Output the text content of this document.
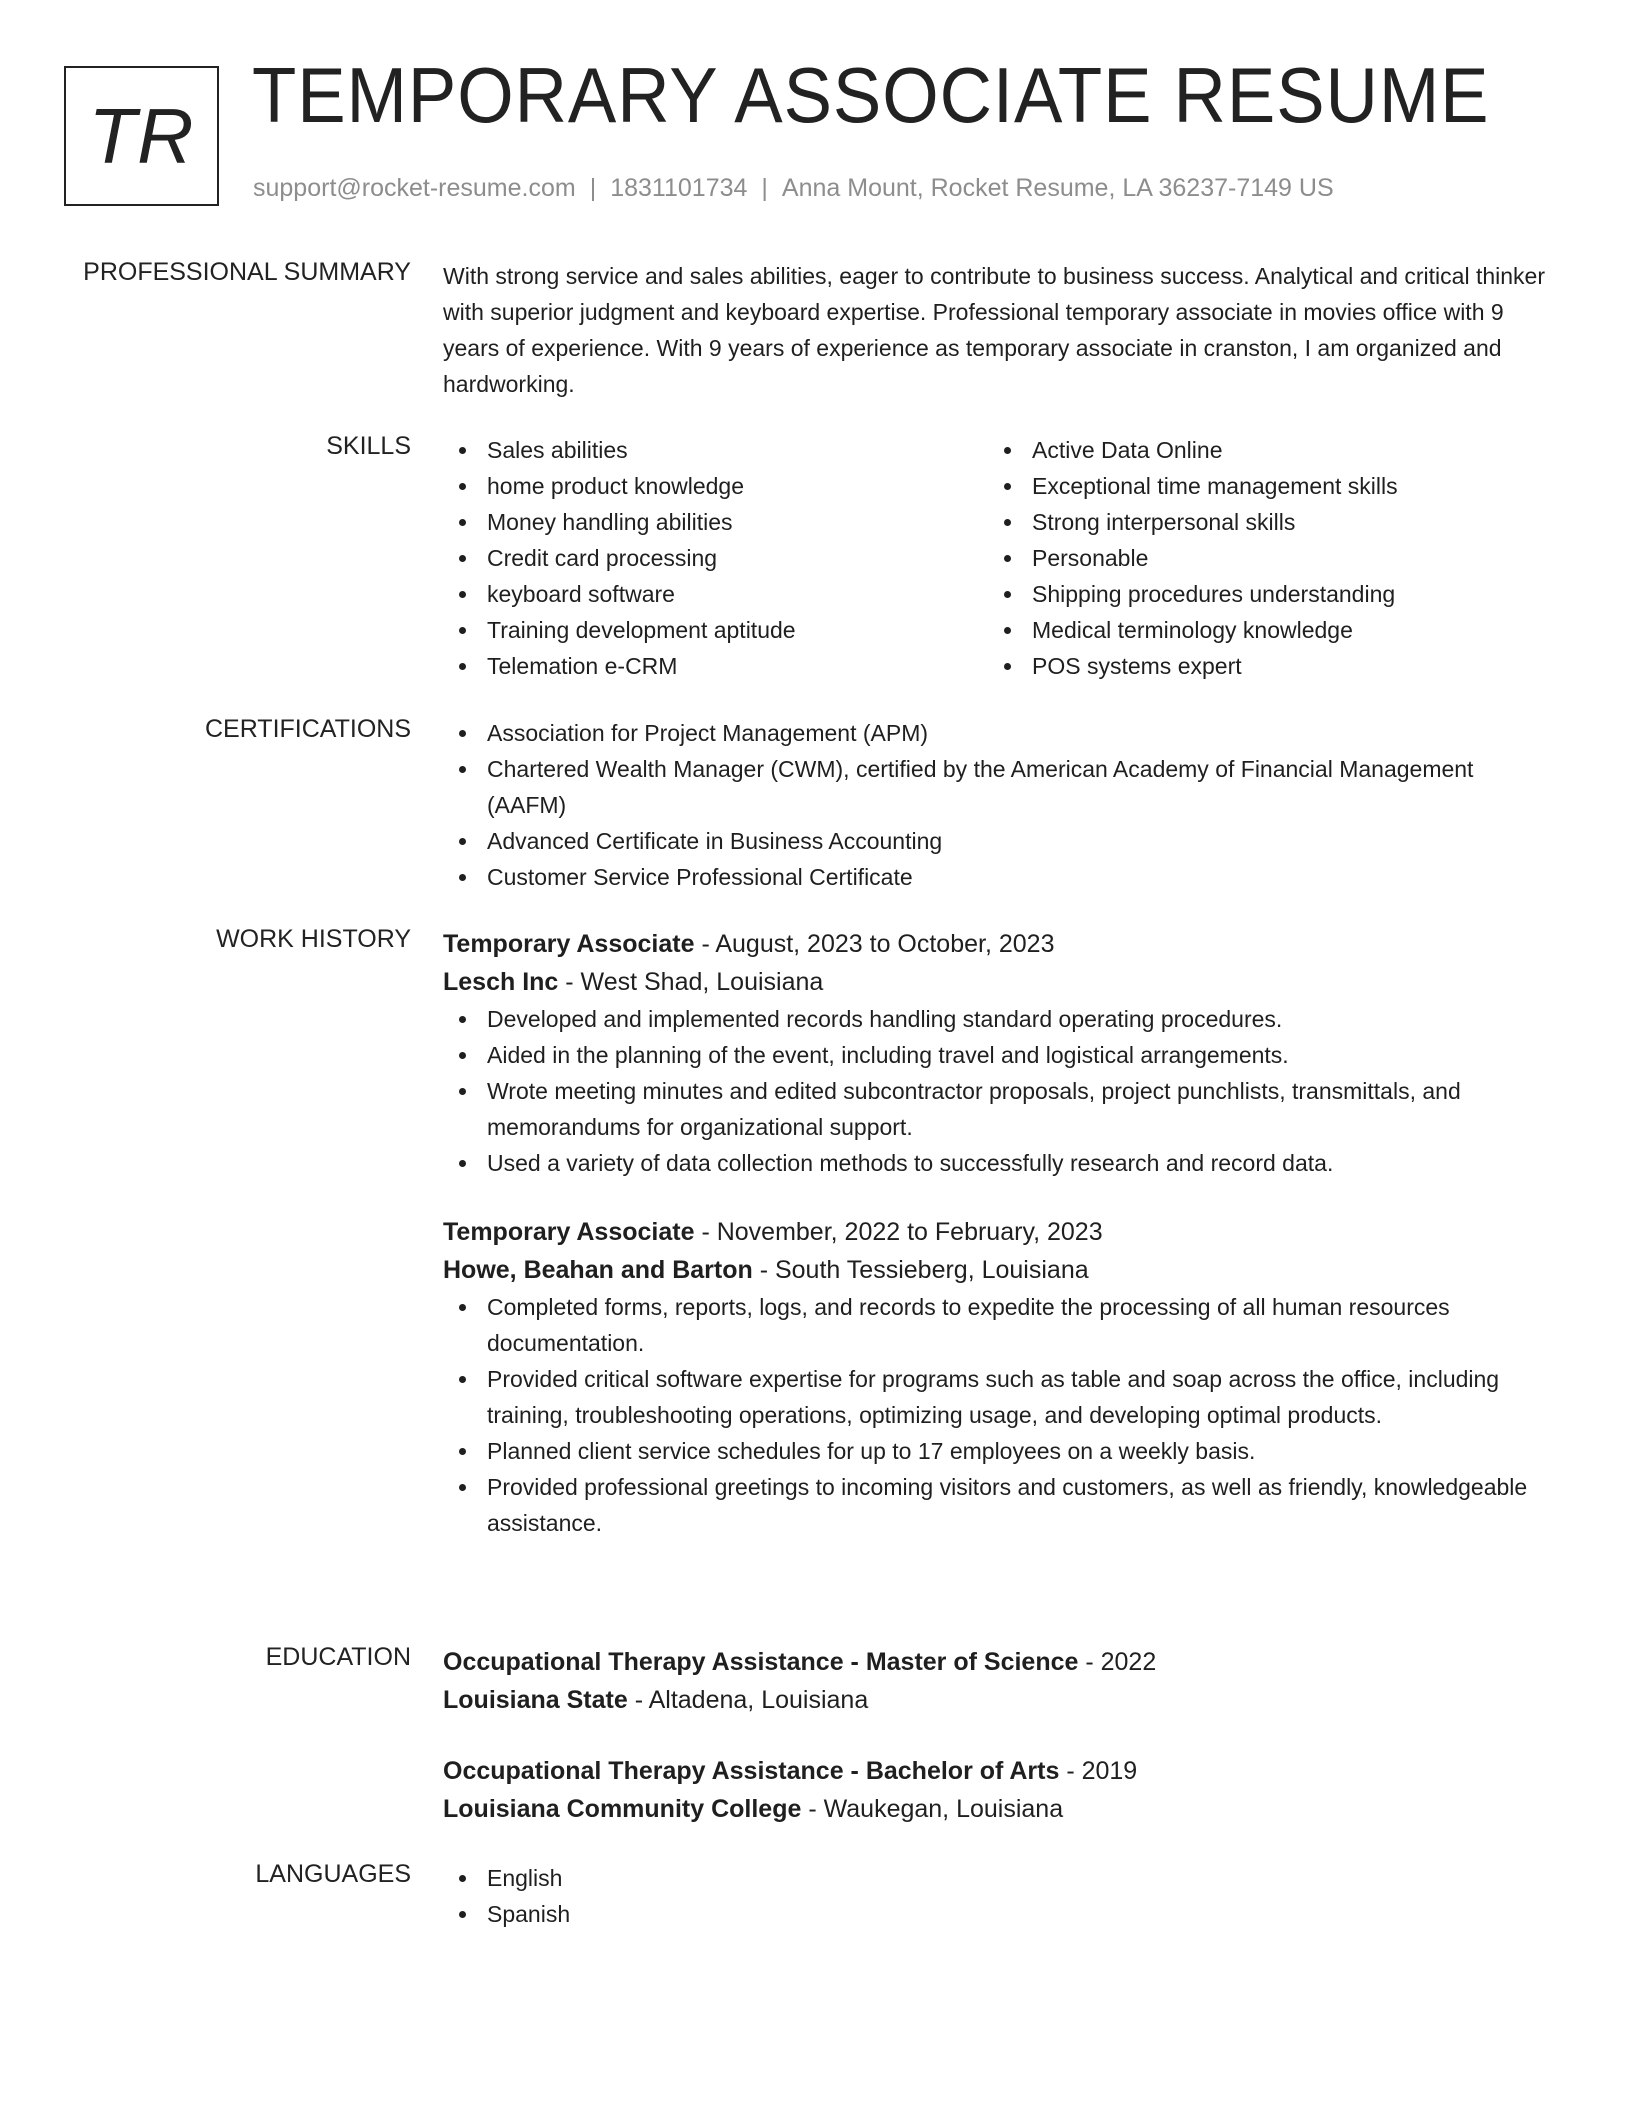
TR TEMPORARY ASSOCIATE RESUME
support@rocket-resume.com | 1831101734 | Anna Mount, Rocket Resume, LA 36237-7149 US
PROFESSIONAL SUMMARY With strong service and sales abilities, eager to contribute to business success. Analytical and critical thinker with superior judgment and keyboard expertise. Professional temporary associate in movies office with 9 years of experience. With 9 years of experience as temporary associate in cranston, I am organized and hardworking.
SKILLS	Sales abilities
home product knowledge
Money handling abilities
Credit card processing
keyboard software
Training development aptitude
Telemation e-CRM
Active Data Online
Exceptional time management skills
Strong interpersonal skills
Personable
Shipping procedures understanding
Medical terminology knowledge
POS systems expert
CERTIFICATIONS	Association for Project Management (APM)
Chartered Wealth Manager (CWM), certified by the American Academy of Financial Management (AAFM)
Advanced Certificate in Business Accounting
Customer Service Professional Certificate
WORK HISTORY Temporary Associate - August, 2023 to October, 2023
Lesch Inc - West Shad, Louisiana
Developed and implemented records handling standard operating procedures.
Aided in the planning of the event, including travel and logistical arrangements.
Wrote meeting minutes and edited subcontractor proposals, project punchlists, transmittals, and memorandums for organizational support.
Used a variety of data collection methods to successfully research and record data.
Temporary Associate - November, 2022 to February, 2023
Howe, Beahan and Barton - South Tessieberg, Louisiana
Completed forms, reports, logs, and records to expedite the processing of all human resources documentation.
Provided critical software expertise for programs such as table and soap across the office, including training, troubleshooting operations, optimizing usage, and developing optimal products.
Planned client service schedules for up to 17 employees on a weekly basis.
Provided professional greetings to incoming visitors and customers, as well as friendly, knowledgeable assistance.
EDUCATION Occupational Therapy Assistance - Master of Science - 2022
Louisiana State - Altadena, Louisiana
Occupational Therapy Assistance - Bachelor of Arts - 2019
Louisiana Community College - Waukegan, Louisiana
LANGUAGES	English
Spanish
